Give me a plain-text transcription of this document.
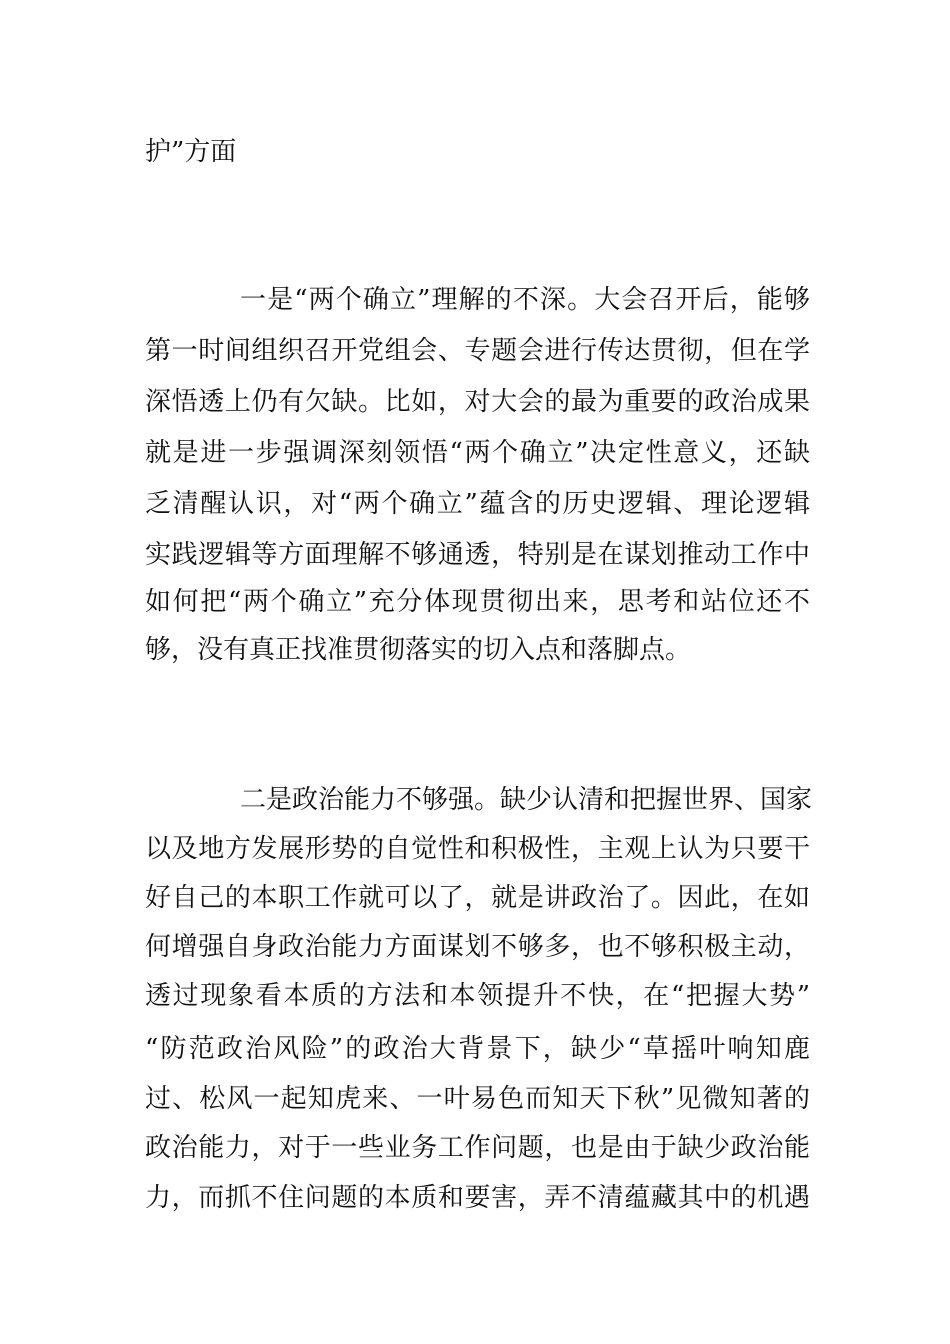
护”方面

一是“两个确立”理解的不深。大会召开后，能够

第一时间组织召开党组会、专题会进行传达贯彻，但在学

深悟透上仍有欠缺。比如，对大会的最为重要的政治成果

就是进一步强调深刻领悟“两个确立”决定性意义，还缺

乏清醒认识，对“两个确立”蕴含的历史逻辑、理论逻辑

实践逻辑等方面理解不够通透，特别是在谋划推动工作中

如何把“两个确立”充分体现贯彻出来，思考和站位还不

够，没有真正找准贯彻落实的切入点和落脚点。

二是政治能力不够强。缺少认清和把握世界、国家

以及地方发展形势的自觉性和积极性，主观上认为只要干

好自己的本职工作就可以了，就是讲政治了。因此，在如

何增强自身政治能力方面谋划不够多，也不够积极主动，

透过现象看本质的方法和本领提升不快，在“把握大势”

“防范政治风险”的政治大背景下，缺少“草摇叶响知鹿

过、松风一起知虎来、一叶易色而知天下秋”见微知著的

政治能力，对于一些业务工作问题，也是由于缺少政治能

力，而抓不住问题的本质和要害，弄不清蕴藏其中的机遇
